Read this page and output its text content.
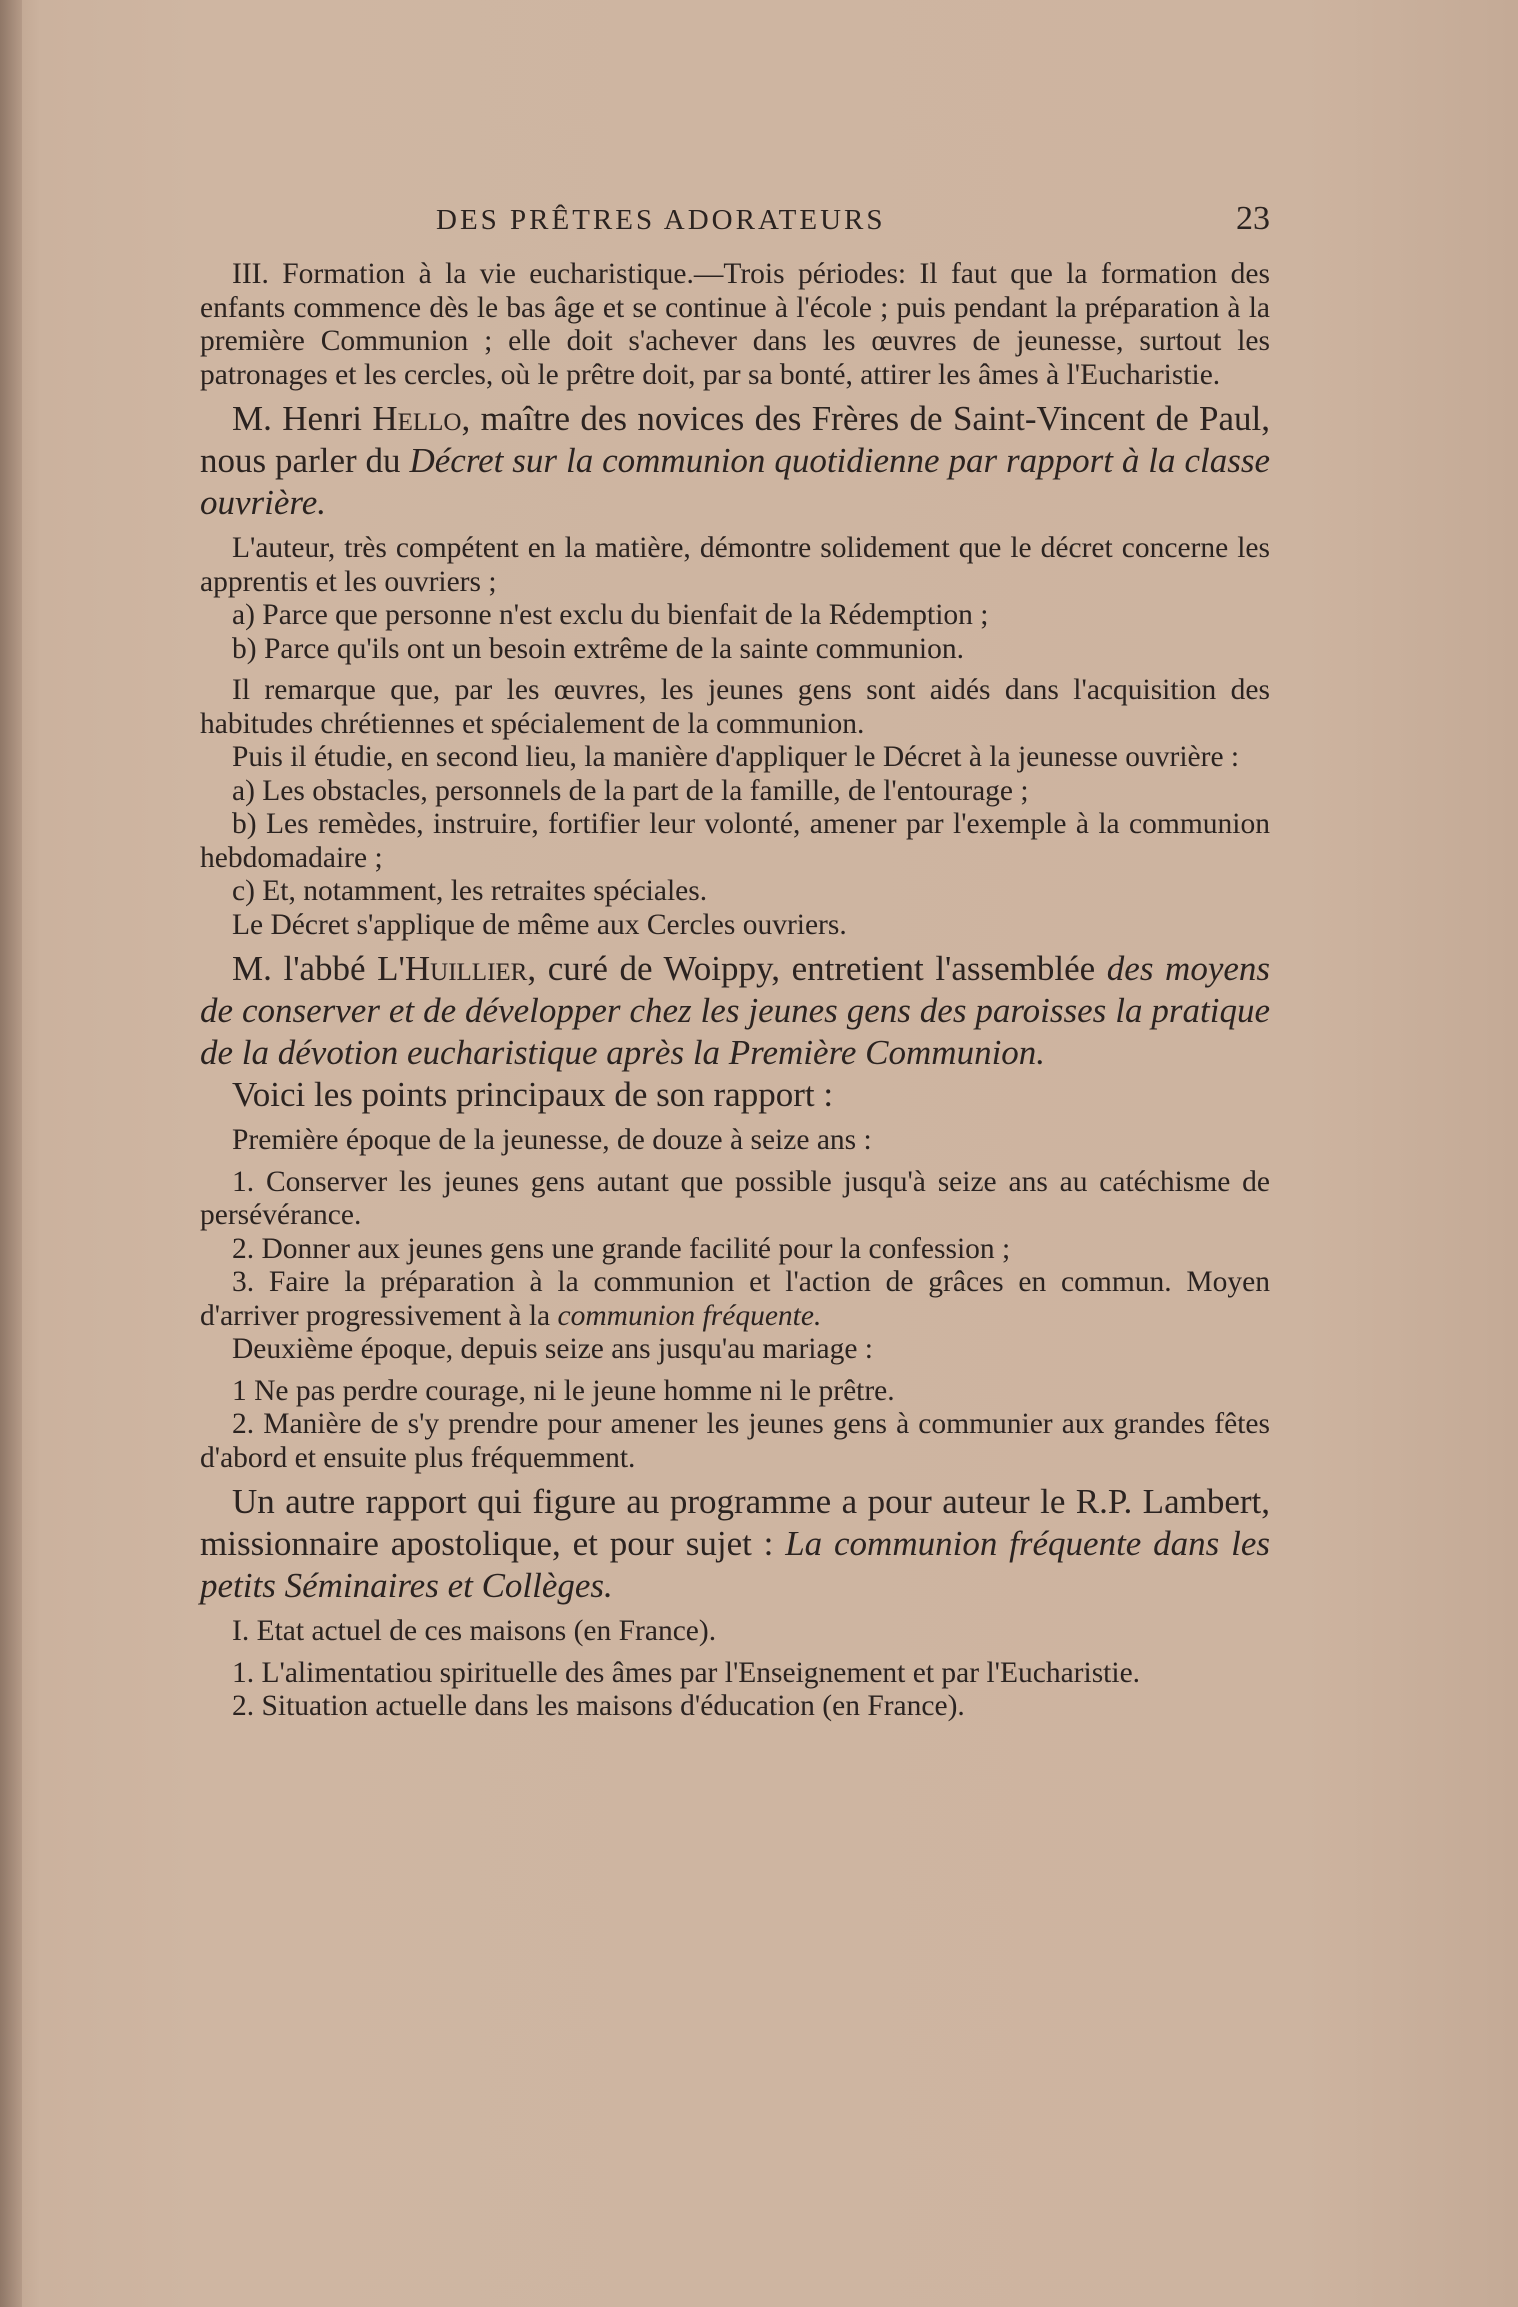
DES PRÊTRES ADORATEURS	23

III. Formation à la vie eucharistique.—Trois périodes: Il faut que la formation des enfants commence dès le bas âge et se continue à l'école ; puis pendant la préparation à la première Communion ; elle doit s'achever dans les œuvres de jeunesse, surtout les patronages et les cercles, où le prêtre doit, par sa bonté, attirer les âmes à l'Eucharistie.

M. Henri Hello, maître des novices des Frères de Saint-Vincent de Paul, nous parler du Décret sur la communion quotidienne par rapport à la classe ouvrière.

L'auteur, très compétent en la matière, démontre solidement que le décret concerne les apprentis et les ouvriers ;

a) Parce que personne n'est exclu du bienfait de la Rédemption ;

b) Parce qu'ils ont un besoin extrême de la sainte communion.

Il remarque que, par les œuvres, les jeunes gens sont aidés dans l'acquisition des habitudes chrétiennes et spécialement de la communion.

Puis il étudie, en second lieu, la manière d'appliquer le Décret à la jeunesse ouvrière :

a) Les obstacles, personnels de la part de la famille, de l'entourage ;

b) Les remèdes, instruire, fortifier leur volonté, amener par l'exemple à la communion hebdomadaire ;

c) Et, notamment, les retraites spéciales.

Le Décret s'applique de même aux Cercles ouvriers.

M. l'abbé L'Huillier, curé de Woippy, entretient l'assemblée des moyens de conserver et de développer chez les jeunes gens des paroisses la pratique de la dévotion eucharistique après la Première Communion.

Voici les points principaux de son rapport :

Première époque de la jeunesse, de douze à seize ans :

1. Conserver les jeunes gens autant que possible jusqu'à seize ans au catéchisme de persévérance.

2. Donner aux jeunes gens une grande facilité pour la confession ;

3. Faire la préparation à la communion et l'action de grâces en commun. Moyen d'arriver progressivement à la communion fréquente.

Deuxième époque, depuis seize ans jusqu'au mariage :

1 Ne pas perdre courage, ni le jeune homme ni le prêtre.

2. Manière de s'y prendre pour amener les jeunes gens à communier aux grandes fêtes d'abord et ensuite plus fréquemment.

Un autre rapport qui figure au programme a pour auteur le R.P. Lambert, missionnaire apostolique, et pour sujet : La communion fréquente dans les petits Séminaires et Collèges.

I. Etat actuel de ces maisons (en France).

1. L'alimentatiou spirituelle des âmes par l'Enseignement et par l'Eucharistie.

2. Situation actuelle dans les maisons d'éducation (en France).
